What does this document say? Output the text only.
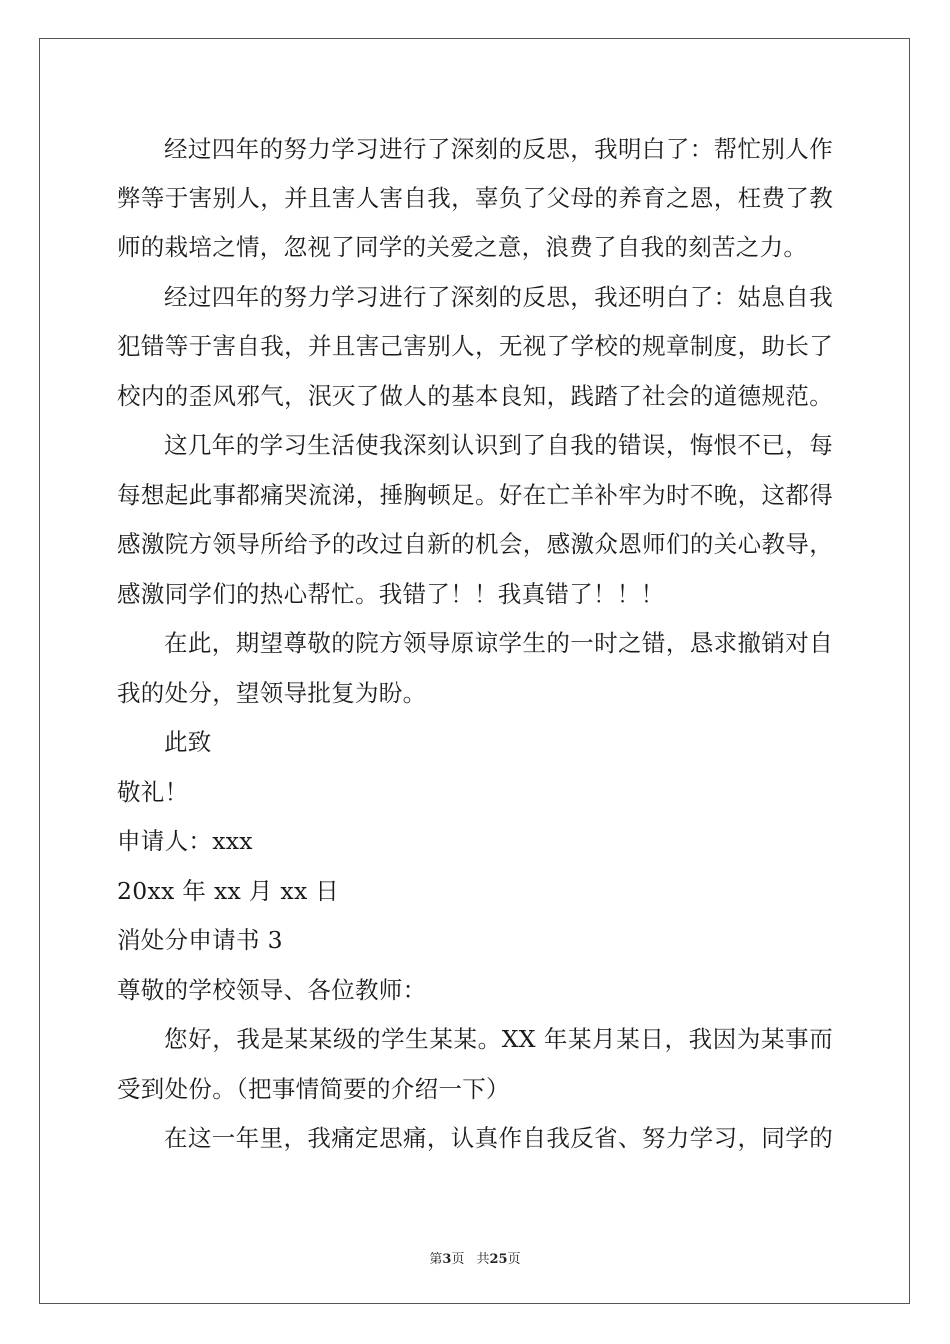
经过四年的努力学习进行了深刻的反思，我明白了：帮忙别人作
弊等于害别人，并且害人害自我，辜负了父母的养育之恩，枉费了教
师的栽培之情，忽视了同学的关爱之意，浪费了自我的刻苦之力。
经过四年的努力学习进行了深刻的反思，我还明白了：姑息自我
犯错等于害自我，并且害己害别人，无视了学校的规章制度，助长了
校内的歪风邪气，泯灭了做人的基本良知，践踏了社会的道德规范。
这几年的学习生活使我深刻认识到了自我的错误，悔恨不已，每
每想起此事都痛哭流涕，捶胸顿足。好在亡羊补牢为时不晚，这都得
感激院方领导所给予的改过自新的机会，感激众恩师们的关心教导，
感激同学们的热心帮忙。我错了！！我真错了！！！
在此，期望尊敬的院方领导原谅学生的一时之错，恳求撤销对自
我的处分，望领导批复为盼。
此致
敬礼！
申请人：xxx
20xx 年 xx 月 xx 日
消处分申请书 3
尊敬的学校领导、各位教师：
您好，我是某某级的学生某某。XX 年某月某日，我因为某事而
受到处份。（把事情简要的介绍一下）
在这一年里，我痛定思痛，认真作自我反省、努力学习，同学的
第3页 共25页
